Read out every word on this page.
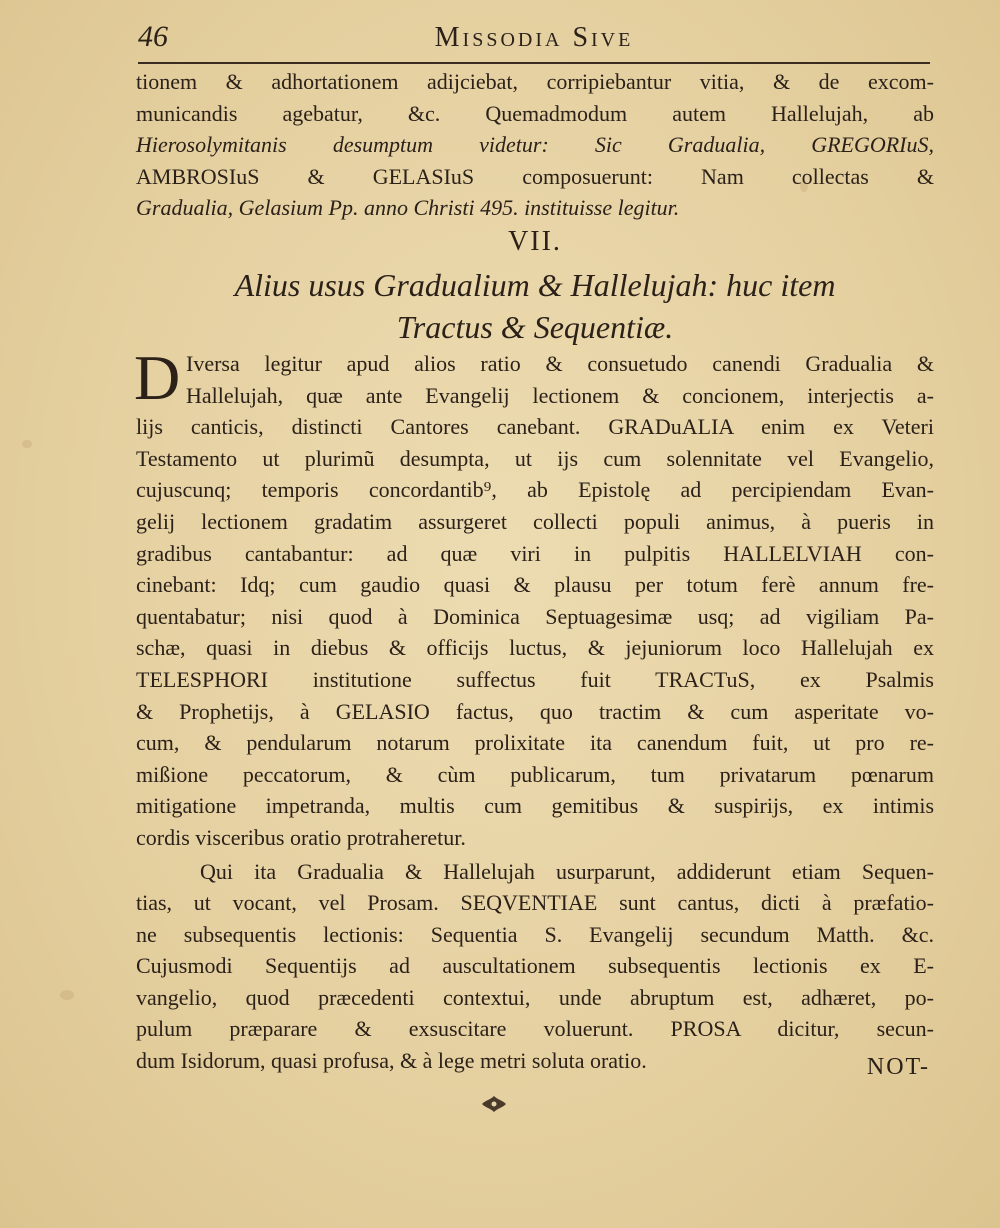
46	Missodia Sive
tionem & adhortationem adijciebat, corripiebantur vitia, & de excom-
municandis agebatur, &c. Quemadmodum autem Hallelujah, ab
Hierosolymitanis desumptum videtur: Sic Gradualia, GREGORIuS,
AMBROSIuS & GELASIuS composuerunt: Nam collectas &
Gradualia, Gelasium Pp. anno Christi 495. instituisse legitur.
VII.
Alius usus Gradualium & Hallelujah: huc item
Tractus & Sequentiæ.
D Iversa legitur apud alios ratio & consuetudo canendi Gradualia &
Hallelujah, quæ ante Evangelij lectionem & concionem, interjectis a-
lijs canticis, distincti Cantores canebant. GRADuALIA enim ex Veteri
Testamento ut plurimũ desumpta, ut ijs cum solennitate vel Evangelio,
cujuscunq; temporis concordantib⁹, ab Epistolę ad percipiendam Evan-
gelij lectionem gradatim assurgeret collecti populi animus, à pueris in
gradibus cantabantur: ad quæ viri in pulpitis HALLELVIAH con-
cinebant: Idq; cum gaudio quasi & plausu per totum ferè annum fre-
quentabatur; nisi quod à Dominica Septuagesimæ usq; ad vigiliam Pa-
schæ, quasi in diebus & officijs luctus, & jejuniorum loco Hallelujah ex
TELESPHORI institutione suffectus fuit TRACTuS, ex Psalmis
& Prophetijs, à GELASIO factus, quo tractim & cum asperitate vo-
cum, & pendularum notarum prolixitate ita canendum fuit, ut pro re-
mißione peccatorum, & cùm publicarum, tum privatarum pœnarum
mitigatione impetranda, multis cum gemitibus & suspirijs, ex intimis
cordis visceribus oratio protraheretur.
Qui ita Gradualia & Hallelujah usurparunt, addiderunt etiam Sequen-
tias, ut vocant, vel Prosam. SEQVENTIAE sunt cantus, dicti à præfatio-
ne subsequentis lectionis: Sequentia S. Evangelij secundum Matth. &c.
Cujusmodi Sequentijs ad auscultationem subsequentis lectionis ex E-
vangelio, quod præcedenti contextui, unde abruptum est, adhæret, po-
pulum præparare & exsuscitare voluerunt. PROSA dicitur, secun-
dum Isidorum, quasi profusa, & à lege metri soluta oratio.	NOT-
